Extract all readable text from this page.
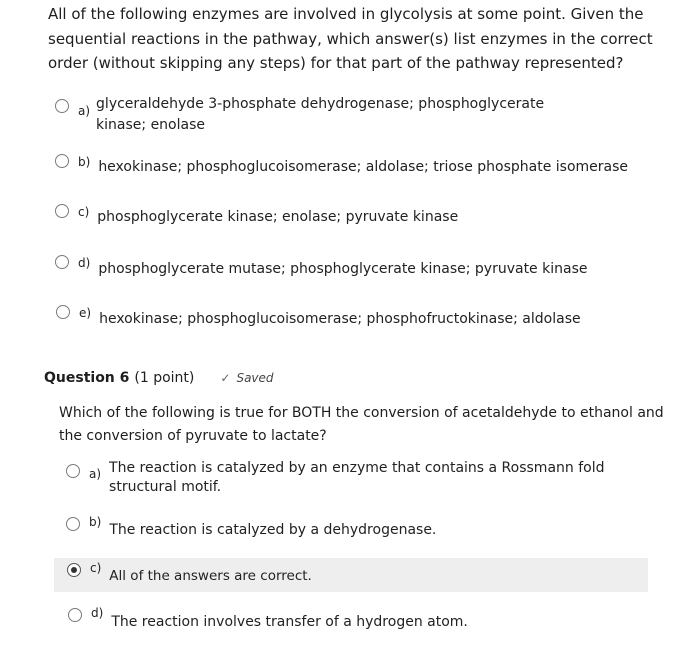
All of the following enzymes are involved in glycolysis at some point. Given the sequential reactions in the pathway, which answer(s) list enzymes in the correct order (without skipping any steps) for that part of the pathway represented?
a) glyceraldehyde 3-phosphate dehydrogenase; phosphoglycerate kinase; enolase
b) hexokinase; phosphoglucoisomerase; aldolase; triose phosphate isomerase
c) phosphoglycerate kinase; enolase; pyruvate kinase
d) phosphoglycerate mutase; phosphoglycerate kinase; pyruvate kinase
e) hexokinase; phosphoglucoisomerase; phosphofructokinase; aldolase
Question 6 (1 point) ✓ Saved
Which of the following is true for BOTH the conversion of acetaldehyde to ethanol and the conversion of pyruvate to lactate?
a) The reaction is catalyzed by an enzyme that contains a Rossmann fold structural motif.
b) The reaction is catalyzed by a dehydrogenase.
c) All of the answers are correct.
d)
The reaction involves transfer of a hydrogen atom.
